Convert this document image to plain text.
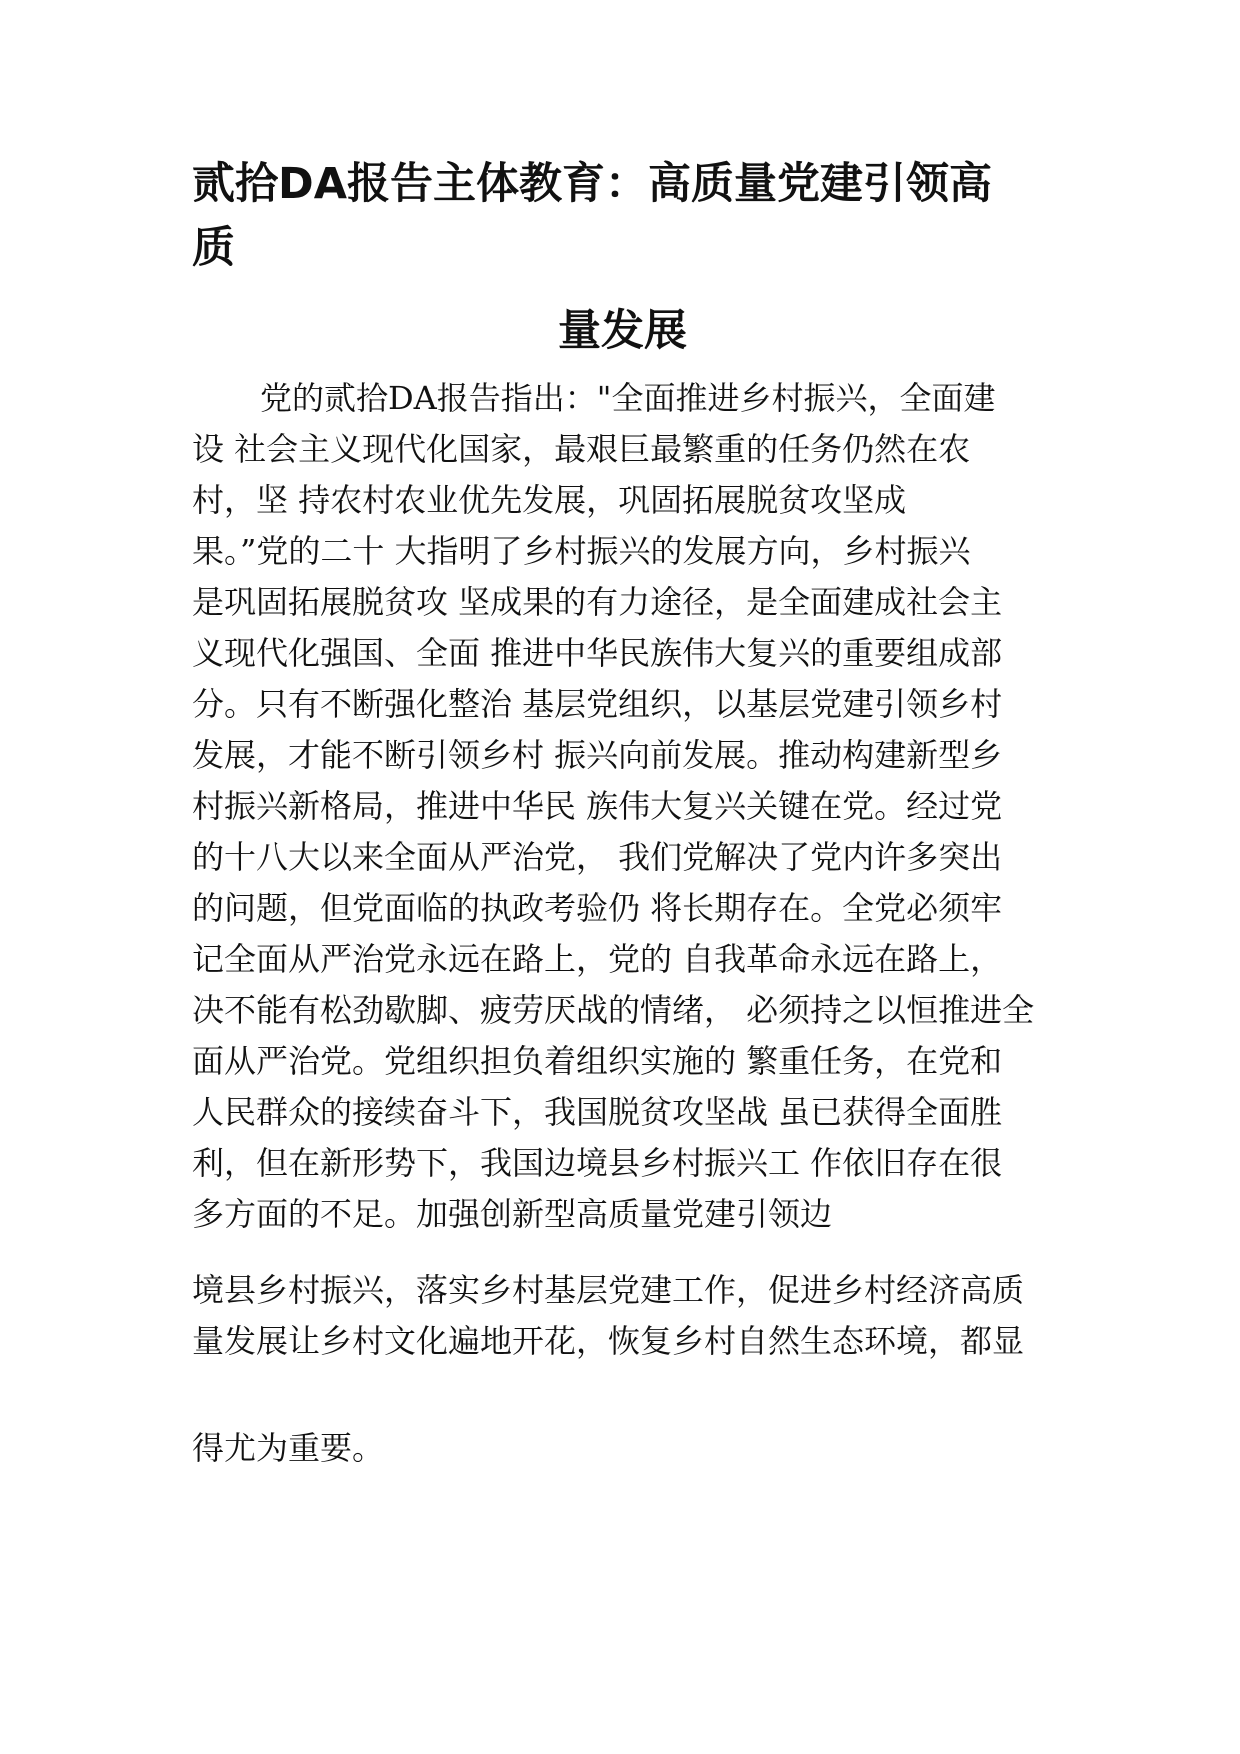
贰拾DA报告主体教育：高质量党建引领高
质
量发展
党的贰拾DA报告指出："全面推进乡村振兴，全面建
设 社会主义现代化国家，最艰巨最繁重的任务仍然在农
村，坚 持农村农业优先发展，巩固拓展脱贫攻坚成
果。”党的二十 大指明了乡村振兴的发展方向，乡村振兴
是巩固拓展脱贫攻 坚成果的有力途径，是全面建成社会主
义现代化强国、全面 推进中华民族伟大复兴的重要组成部
分。只有不断强化整治 基层党组织，以基层党建引领乡村
发展，才能不断引领乡村 振兴向前发展。推动构建新型乡
村振兴新格局，推进中华民 族伟大复兴关键在党。经过党
的十八大以来全面从严治党， 我们党解决了党内许多突出
的问题，但党面临的执政考验仍 将长期存在。全党必须牢
记全面从严治党永远在路上，党的 自我革命永远在路上，
决不能有松劲歇脚、疲劳厌战的情绪， 必须持之以恒推进全
面从严治党。党组织担负着组织实施的 繁重任务，在党和
人民群众的接续奋斗下，我国脱贫攻坚战 虽已获得全面胜
利，但在新形势下，我国边境县乡村振兴工 作依旧存在很
多方面的不足。加强创新型高质量党建引领边
境县乡村振兴，落实乡村基层党建工作，促进乡村经济高质
量发展让乡村文化遍地开花，恢复乡村自然生态环境，都显
得尤为重要。
